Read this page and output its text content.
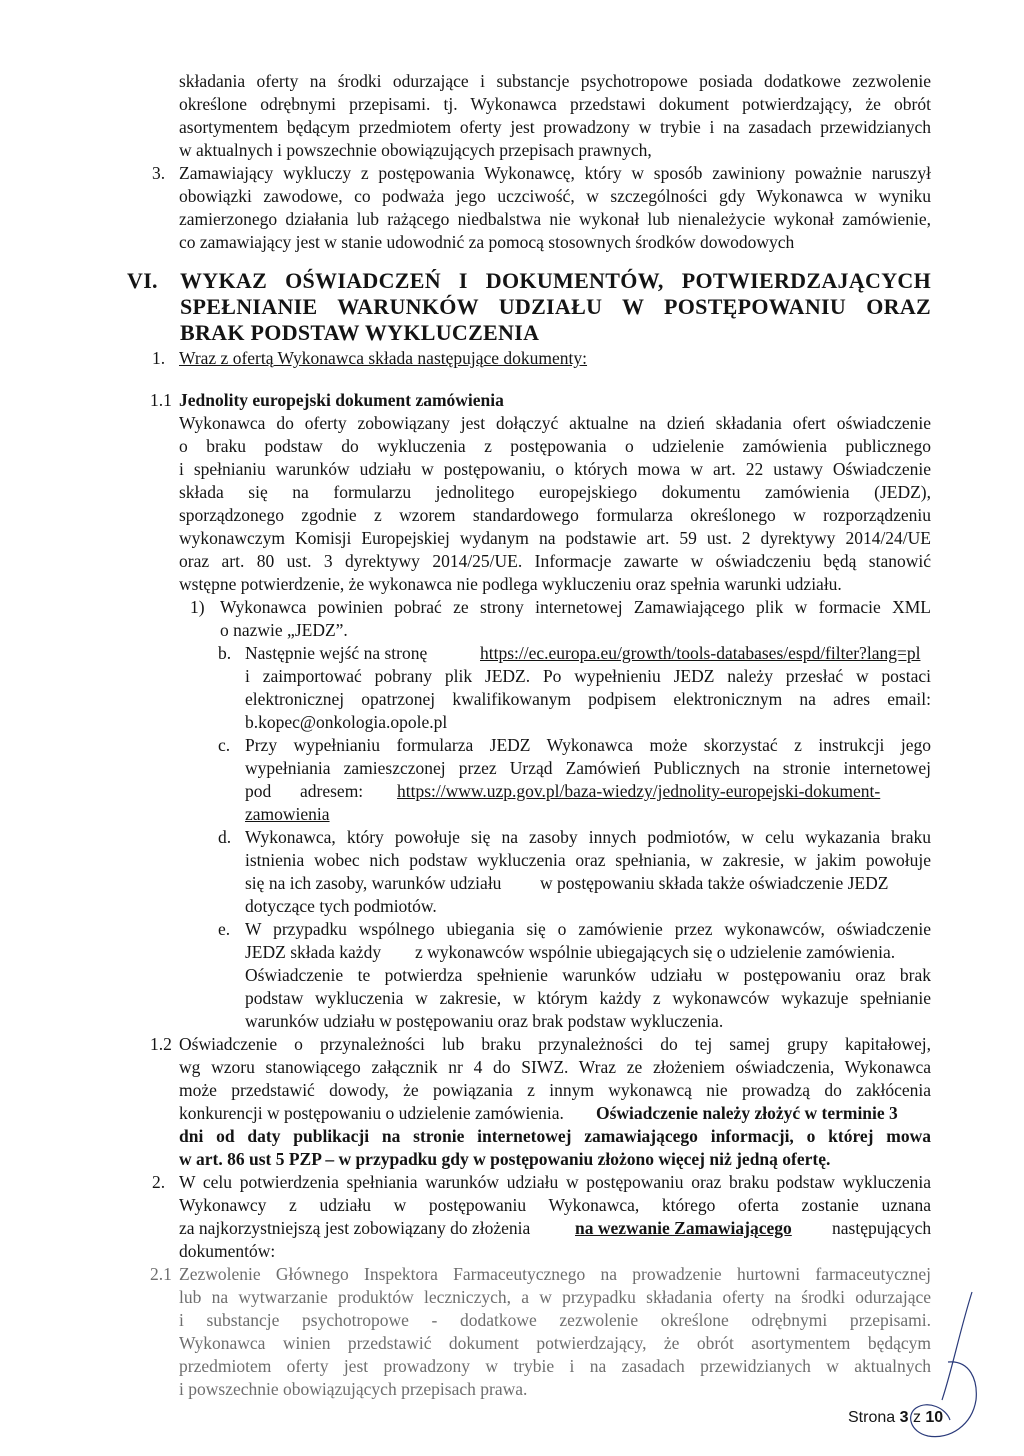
składania oferty na środki odurzające i substancje psychotropowe posiada dodatkowe zezwolenie
określone odrębnymi przepisami. tj. Wykonawca przedstawi dokument potwierdzający, że obrót
asortymentem będącym przedmiotem oferty jest prowadzony w trybie i na zasadach przewidzianych
w aktualnych i powszechnie obowiązujących przepisach prawnych,
3. Zamawiający wykluczy z postępowania Wykonawcę, który w sposób zawiniony poważnie naruszył
obowiązki zawodowe, co podważa jego uczciwość, w szczególności gdy Wykonawca w wyniku
zamierzonego działania lub rażącego niedbalstwa nie wykonał lub nienależycie wykonał zamówienie,
co zamawiający jest w stanie udowodnić za pomocą stosownych środków dowodowych
VI. WYKAZ OŚWIADCZEŃ I DOKUMENTÓW, POTWIERDZAJĄCYCH
SPEŁNIANIE WARUNKÓW UDZIAŁU W POSTĘPOWANIU ORAZ
BRAK PODSTAW WYKLUCZENIA
1. Wraz z ofertą Wykonawca składa następujące dokumenty:
1.1 Jednolity europejski dokument zamówienia
Wykonawca do oferty zobowiązany jest dołączyć aktualne na dzień składania ofert oświadczenie
o braku podstaw do wykluczenia z postępowania o udzielenie zamówienia publicznego
i spełnianiu warunków udziału w postępowaniu, o których mowa w art. 22 ustawy Oświadczenie
składa się na formularzu jednolitego europejskiego dokumentu zamówienia (JEDZ),
sporządzonego zgodnie z wzorem standardowego formularza określonego w rozporządzeniu
wykonawczym Komisji Europejskiej wydanym na podstawie art. 59 ust. 2 dyrektywy 2014/24/UE
oraz art. 80 ust. 3 dyrektywy 2014/25/UE. Informacje zawarte w oświadczeniu będą stanowić
wstępne potwierdzenie, że wykonawca nie podlega wykluczeniu oraz spełnia warunki udziału.
1) Wykonawca powinien pobrać ze strony internetowej Zamawiającego plik w formacie XML
o nazwie „JEDZ”.
b. Następnie wejść na stronę	https://ec.europa.eu/growth/tools-databases/espd/filter?lang=pl
i zaimportować pobrany plik JEDZ. Po wypełnieniu JEDZ należy przesłać w postaci
elektronicznej opatrzonej kwalifikowanym podpisem elektronicznym na adres email:
b.kopec@onkologia.opole.pl
c. Przy wypełnianiu formularza JEDZ Wykonawca może skorzystać z instrukcji jego
wypełniania zamieszczonej przez Urząd Zamówień Publicznych na stronie internetowej
pod adresem: https://www.uzp.gov.pl/baza-wiedzy/jednolity-europejski-dokument-
zamowienia
d. Wykonawca, który powołuje się na zasoby innych podmiotów, w celu wykazania braku
istnienia wobec nich podstaw wykluczenia oraz spełniania, w zakresie, w jakim powołuje
się na ich zasoby, warunków udziału w postępowaniu składa także oświadczenie JEDZ
dotyczące tych podmiotów.
e. W przypadku wspólnego ubiegania się o zamówienie przez wykonawców, oświadczenie
JEDZ składa każdy z wykonawców wspólnie ubiegających się o udzielenie zamówienia.
Oświadczenie te potwierdza spełnienie warunków udziału w postępowaniu oraz brak
podstaw wykluczenia w zakresie, w którym każdy z wykonawców wykazuje spełnianie
warunków udziału w postępowaniu oraz brak podstaw wykluczenia.
1.2 Oświadczenie o przynależności lub braku przynależności do tej samej grupy kapitałowej,
wg wzoru stanowiącego załącznik nr 4 do SIWZ. Wraz ze złożeniem oświadczenia, Wykonawca
może przedstawić dowody, że powiązania z innym wykonawcą nie prowadzą do zakłócenia
konkurencji w postępowaniu o udzielenie zamówienia. Oświadczenie należy złożyć w terminie 3
dni od daty publikacji na stronie internetowej zamawiającego informacji, o której mowa
w art. 86 ust 5 PZP – w przypadku gdy w postępowaniu złożono więcej niż jedną ofertę.
2. W celu potwierdzenia spełniania warunków udziału w postępowaniu oraz braku podstaw wykluczenia
Wykonawcy z udziału w postępowaniu Wykonawca, którego oferta zostanie uznana
za najkorzystniejszą jest zobowiązany do złożenia	na wezwanie Zamawiającego następujących
dokumentów:
2.1 Zezwolenie Głównego Inspektora Farmaceutycznego na prowadzenie hurtowni farmaceutycznej
lub na wytwarzanie produktów leczniczych, a w przypadku składania oferty na środki odurzające
i substancje psychotropowe - dodatkowe zezwolenie określone odrębnymi przepisami.
Wykonawca winien przedstawić dokument potwierdzający, że obrót asortymentem będącym
przedmiotem oferty jest prowadzony w trybie i na zasadach przewidzianych w aktualnych
i powszechnie obowiązujących przepisach prawa.
Strona 3 z 10
